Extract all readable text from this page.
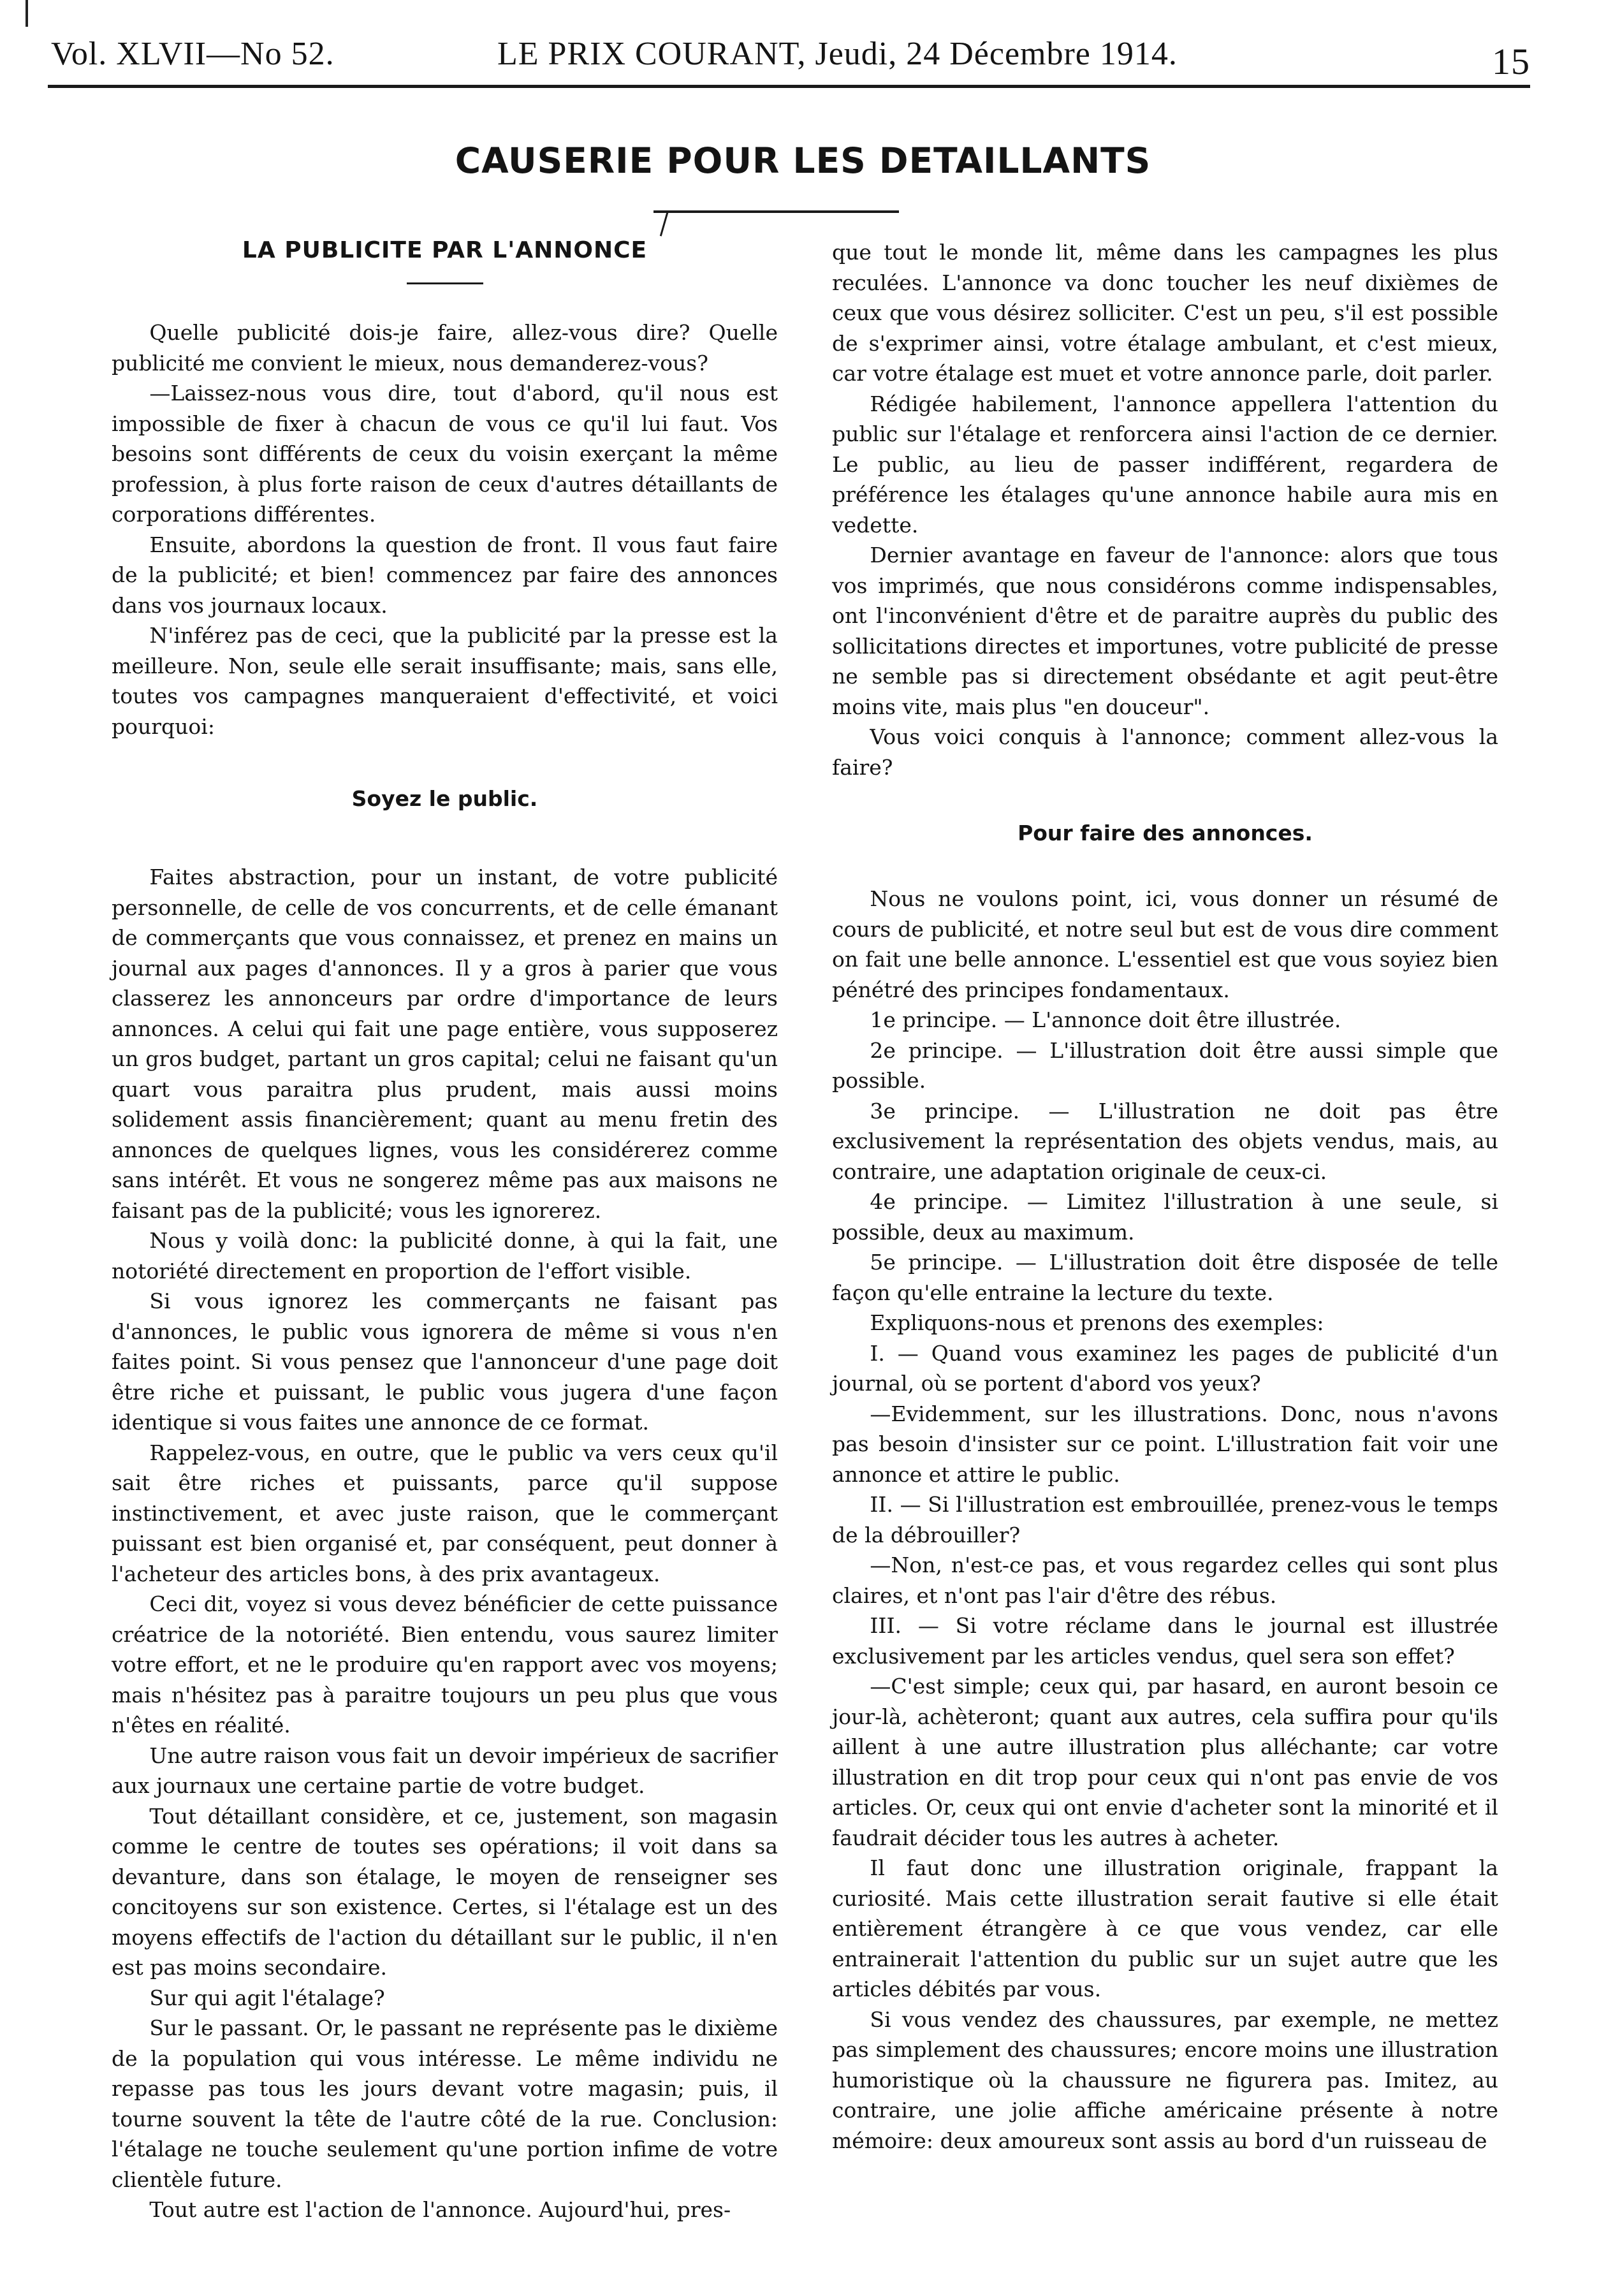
Vol. XLVII—No 52.	LE PRIX COURANT, Jeudi, 24 Décembre 1914.	15
CAUSERIE POUR LES DETAILLANTS
LA PUBLICITE PAR L'ANNONCE

Quelle publicité dois-je faire, allez-vous dire? Quelle publicité me convient le mieux, nous demanderez-vous?

—Laissez-nous vous dire, tout d'abord, qu'il nous est impossible de fixer à chacun de vous ce qu'il lui faut. Vos besoins sont différents de ceux du voisin exerçant la même profession, à plus forte raison de ceux d'autres détaillants de corporations différentes.

Ensuite, abordons la question de front. Il vous faut faire de la publicité; et bien! commencez par faire des annonces dans vos journaux locaux.

N'inférez pas de ceci, que la publicité par la presse est la meilleure. Non, seule elle serait insuffisante; mais, sans elle, toutes vos campagnes manqueraient d'effectivité, et voici pourquoi:

Soyez le public.

Faites abstraction, pour un instant, de votre publicité personnelle, de celle de vos concurrents, et de celle émanant de commerçants que vous connaissez, et prenez en mains un journal aux pages d'annonces. Il y a gros à parier que vous classerez les annonceurs par ordre d'importance de leurs annonces. A celui qui fait une page entière, vous supposerez un gros budget, partant un gros capital; celui ne faisant qu'un quart vous paraitra plus prudent, mais aussi moins solidement assis financièrement; quant au menu fretin des annonces de quelques lignes, vous les considérerez comme sans intérêt. Et vous ne songerez même pas aux maisons ne faisant pas de la publicité; vous les ignorerez.

Nous y voilà donc: la publicité donne, à qui la fait, une notoriété directement en proportion de l'effort visible.

Si vous ignorez les commerçants ne faisant pas d'annonces, le public vous ignorera de même si vous n'en faites point. Si vous pensez que l'annonceur d'une page doit être riche et puissant, le public vous jugera d'une façon identique si vous faites une annonce de ce format.

Rappelez-vous, en outre, que le public va vers ceux qu'il sait être riches et puissants, parce qu'il suppose instinctivement, et avec juste raison, que le commerçant puissant est bien organisé et, par conséquent, peut donner à l'acheteur des articles bons, à des prix avantageux.

Ceci dit, voyez si vous devez bénéficier de cette puissance créatrice de la notoriété. Bien entendu, vous saurez limiter votre effort, et ne le produire qu'en rapport avec vos moyens; mais n'hésitez pas à paraitre toujours un peu plus que vous n'êtes en réalité.

Une autre raison vous fait un devoir impérieux de sacrifier aux journaux une certaine partie de votre budget.

Tout détaillant considère, et ce, justement, son magasin comme le centre de toutes ses opérations; il voit dans sa devanture, dans son étalage, le moyen de renseigner ses concitoyens sur son existence. Certes, si l'étalage est un des moyens effectifs de l'action du détaillant sur le public, il n'en est pas moins secondaire.

Sur qui agit l'étalage?

Sur le passant. Or, le passant ne représente pas le dixième de la population qui vous intéresse. Le même individu ne repasse pas tous les jours devant votre magasin; puis, il tourne souvent la tête de l'autre côté de la rue. Conclusion: l'étalage ne touche seulement qu'une portion infime de votre clientèle future.

Tout autre est l'action de l'annonce. Aujourd'hui, pres-

que tout le monde lit, même dans les campagnes les plus reculées. L'annonce va donc toucher les neuf dixièmes de ceux que vous désirez solliciter. C'est un peu, s'il est possible de s'exprimer ainsi, votre étalage ambulant, et c'est mieux, car votre étalage est muet et votre annonce parle, doit parler.

Rédigée habilement, l'annonce appellera l'attention du public sur l'étalage et renforcera ainsi l'action de ce dernier. Le public, au lieu de passer indifférent, regardera de préférence les étalages qu'une annonce habile aura mis en vedette.

Dernier avantage en faveur de l'annonce: alors que tous vos imprimés, que nous considérons comme indispensables, ont l'inconvénient d'être et de paraitre auprès du public des sollicitations directes et importunes, votre publicité de presse ne semble pas si directement obsédante et agit peut-être moins vite, mais plus "en douceur".

Vous voici conquis à l'annonce; comment allez-vous la faire?

Pour faire des annonces.

Nous ne voulons point, ici, vous donner un résumé de cours de publicité, et notre seul but est de vous dire comment on fait une belle annonce. L'essentiel est que vous soyiez bien pénétré des principes fondamentaux.

1e principe. — L'annonce doit être illustrée.

2e principe. — L'illustration doit être aussi simple que possible.

3e principe. — L'illustration ne doit pas être exclusivement la représentation des objets vendus, mais, au contraire, une adaptation originale de ceux-ci.

4e principe. — Limitez l'illustration à une seule, si possible, deux au maximum.

5e principe. — L'illustration doit être disposée de telle façon qu'elle entraine la lecture du texte.

Expliquons-nous et prenons des exemples:

I. — Quand vous examinez les pages de publicité d'un journal, où se portent d'abord vos yeux?

—Evidemment, sur les illustrations. Donc, nous n'avons pas besoin d'insister sur ce point. L'illustration fait voir une annonce et attire le public.

II. — Si l'illustration est embrouillée, prenez-vous le temps de la débrouiller?

—Non, n'est-ce pas, et vous regardez celles qui sont plus claires, et n'ont pas l'air d'être des rébus.

III. — Si votre réclame dans le journal est illustrée exclusivement par les articles vendus, quel sera son effet?

—C'est simple; ceux qui, par hasard, en auront besoin ce jour-là, achèteront; quant aux autres, cela suffira pour qu'ils aillent à une autre illustration plus alléchante; car votre illustration en dit trop pour ceux qui n'ont pas envie de vos articles. Or, ceux qui ont envie d'acheter sont la minorité et il faudrait décider tous les autres à acheter.

Il faut donc une illustration originale, frappant la curiosité. Mais cette illustration serait fautive si elle était entièrement étrangère à ce que vous vendez, car elle entrainerait l'attention du public sur un sujet autre que les articles débités par vous.

Si vous vendez des chaussures, par exemple, ne mettez pas simplement des chaussures; encore moins une illustration humoristique où la chaussure ne figurera pas. Imitez, au contraire, une jolie affiche américaine présente à notre mémoire: deux amoureux sont assis au bord d'un ruisseau de
